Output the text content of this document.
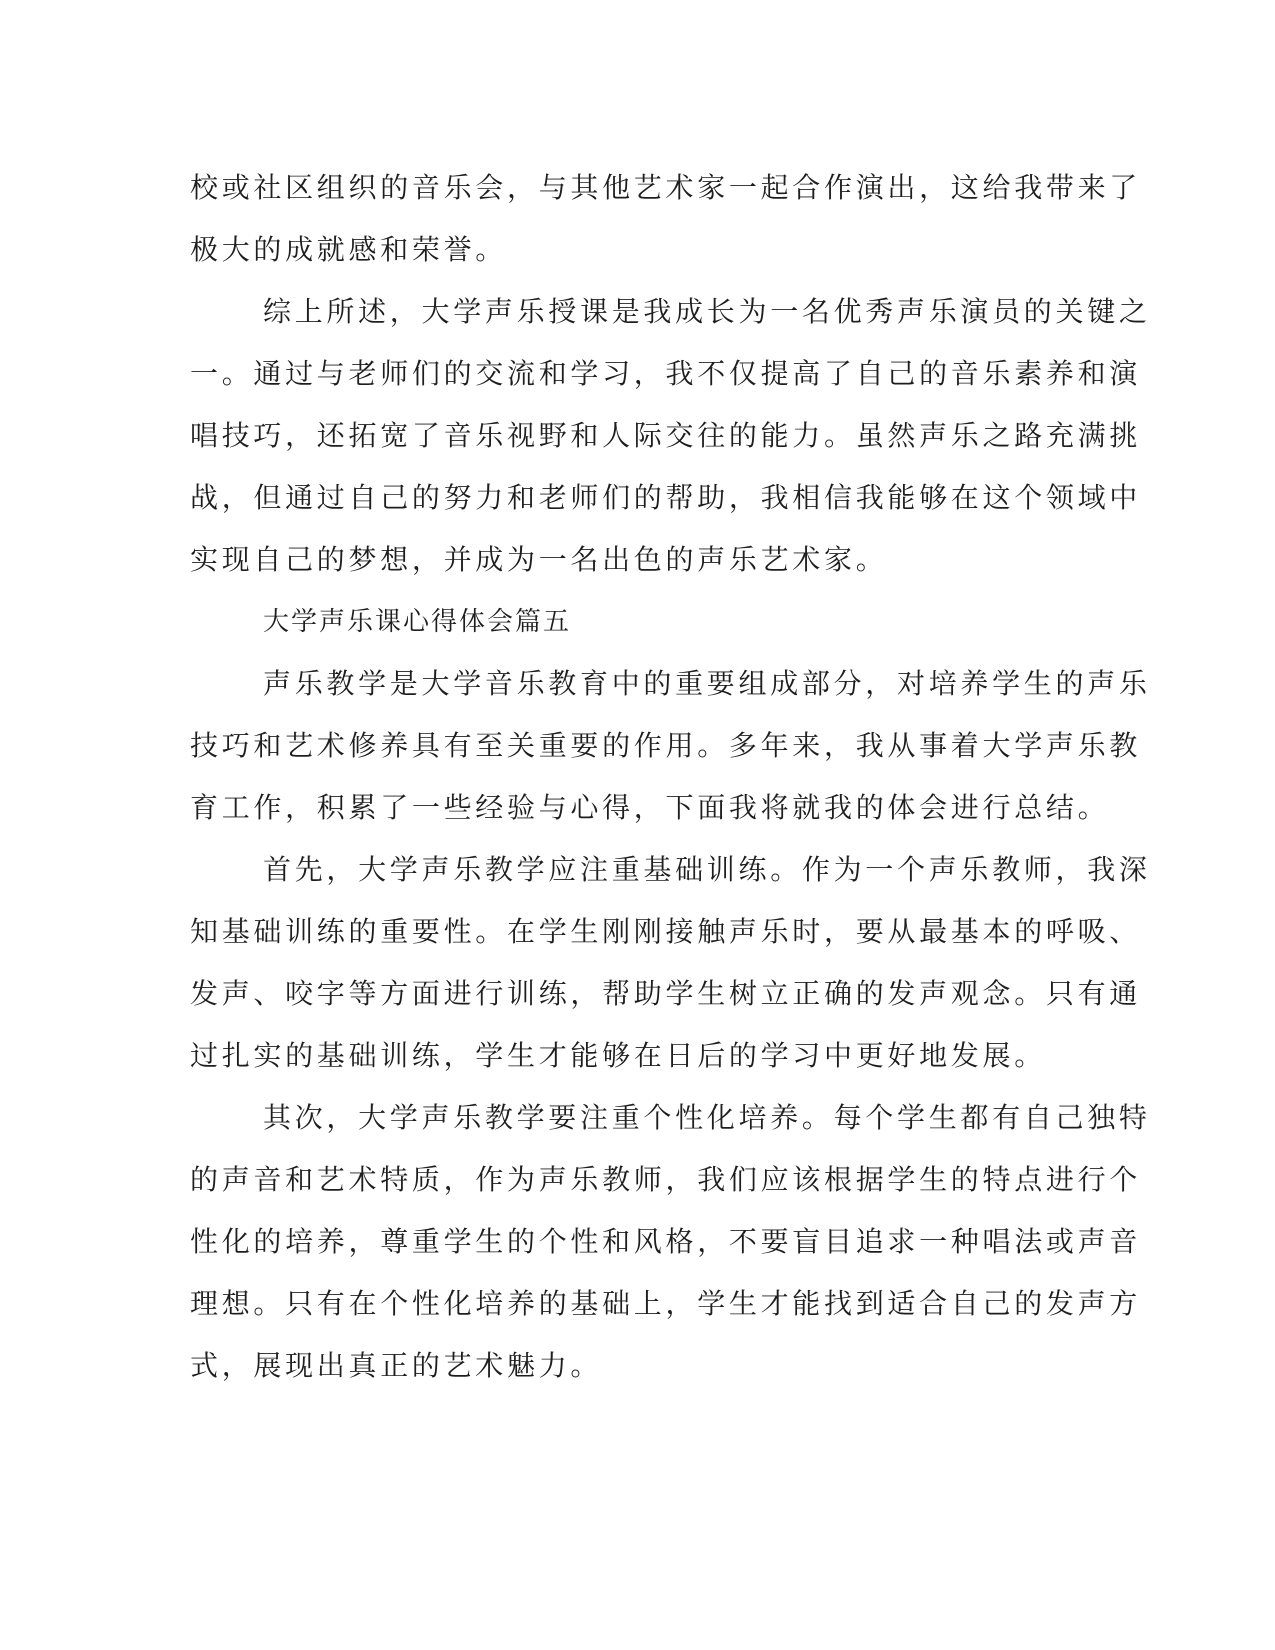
校或社区组织的音乐会，与其他艺术家一起合作演出，这给我带来了
极大的成就感和荣誉。
综上所述，大学声乐授课是我成长为一名优秀声乐演员的关键之
一。通过与老师们的交流和学习，我不仅提高了自己的音乐素养和演
唱技巧，还拓宽了音乐视野和人际交往的能力。虽然声乐之路充满挑
战，但通过自己的努力和老师们的帮助，我相信我能够在这个领域中
实现自己的梦想，并成为一名出色的声乐艺术家。
大学声乐课心得体会篇五
声乐教学是大学音乐教育中的重要组成部分，对培养学生的声乐
技巧和艺术修养具有至关重要的作用。多年来，我从事着大学声乐教
育工作，积累了一些经验与心得，下面我将就我的体会进行总结。
首先，大学声乐教学应注重基础训练。作为一个声乐教师，我深
知基础训练的重要性。在学生刚刚接触声乐时，要从最基本的呼吸、
发声、咬字等方面进行训练，帮助学生树立正确的发声观念。只有通
过扎实的基础训练，学生才能够在日后的学习中更好地发展。
其次，大学声乐教学要注重个性化培养。每个学生都有自己独特
的声音和艺术特质，作为声乐教师，我们应该根据学生的特点进行个
性化的培养，尊重学生的个性和风格，不要盲目追求一种唱法或声音
理想。只有在个性化培养的基础上，学生才能找到适合自己的发声方
式，展现出真正的艺术魅力。
